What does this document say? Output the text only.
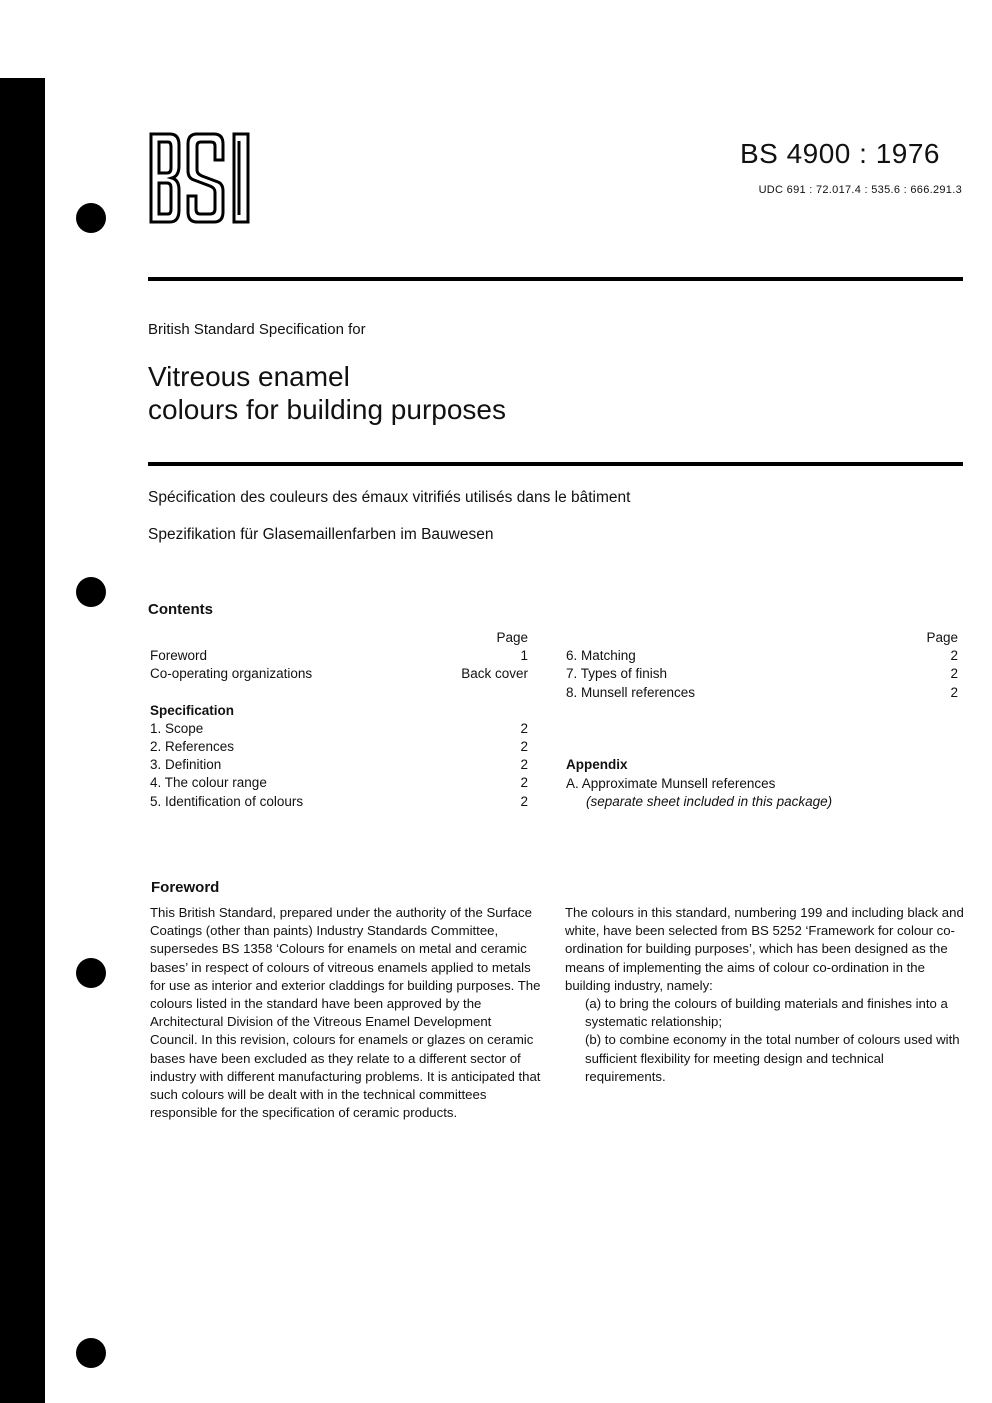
BS 4900 : 1976
UDC 691 : 72.017.4 : 535.6 : 666.291.3
British Standard Specification for
Vitreous enamel
colours for building purposes
Spécification des couleurs des émaux vitrifiés utilisés dans le bâtiment
Spezifikation für Glasemaillenfarben im Bauwesen
Contents
Page
Foreword	1
Co-operating organizations	Back cover
Specification
1. Scope	2
2. References	2
3. Definition	2
4. The colour range	2
5. Identification of colours	2
Page
6. Matching	2
7. Types of finish	2
8. Munsell references	2
Appendix
A. Approximate Munsell references
(separate sheet included in this package)
Foreword

This British Standard, prepared under the authority of the Surface Coatings (other than paints) Industry Standards Committee, supersedes BS 1358 ‘Colours for enamels on metal and ceramic bases’ in respect of colours of vitreous enamels applied to metals for use as interior and exterior claddings for building purposes. The colours listed in the standard have been approved by the Architectural Division of the Vitreous Enamel Development Council. In this revision, colours for enamels or glazes on ceramic bases have been excluded as they relate to a different sector of industry with different manufacturing problems. It is anticipated that such colours will be dealt with in the technical committees responsible for the specification of ceramic products.

The colours in this standard, numbering 199 and including black and white, have been selected from BS 5252 ‘Framework for colour co-ordination for building purposes’, which has been designed as the means of implementing the aims of colour co-ordination in the building industry, namely:

(a) to bring the colours of building materials and finishes into a systematic relationship;

(b) to combine economy in the total number of colours used with sufficient flexibility for meeting design and technical requirements.
